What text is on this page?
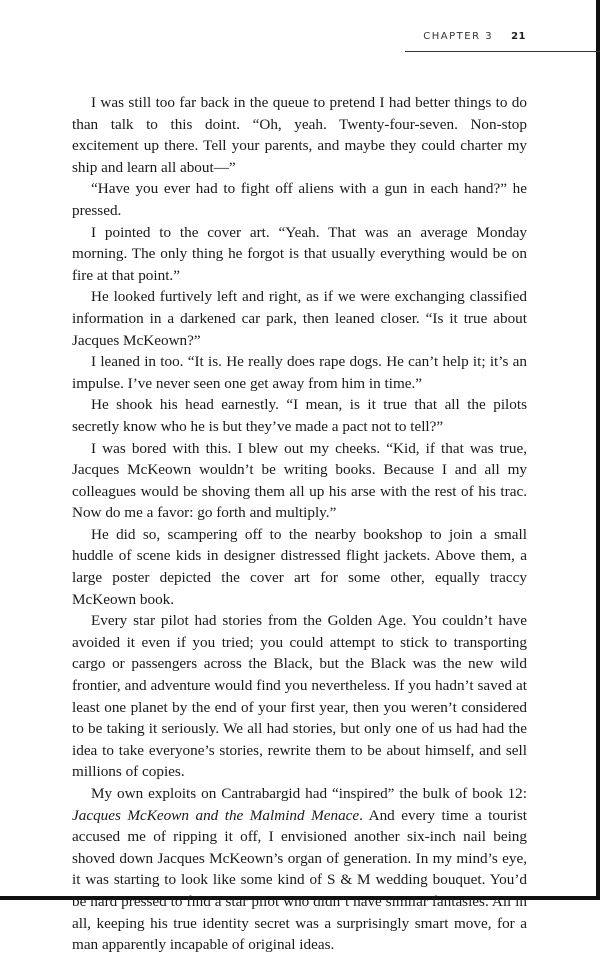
CHAPTER 3 21

I was still too far back in the queue to pretend I had better things to do than talk to this doint. “Oh, yeah. Twenty-four-seven. Non-stop excitement up there. Tell your parents, and maybe they could charter my ship and learn all about—”

“Have you ever had to fight off aliens with a gun in each hand?” he pressed.

I pointed to the cover art. “Yeah. That was an average Monday morning. The only thing he forgot is that usually everything would be on fire at that point.”

He looked furtively left and right, as if we were exchanging classified information in a darkened car park, then leaned closer. “Is it true about Jacques McKeown?”

I leaned in too. “It is. He really does rape dogs. He can’t help it; it’s an impulse. I’ve never seen one get away from him in time.”

He shook his head earnestly. “I mean, is it true that all the pilots secretly know who he is but they’ve made a pact not to tell?”

I was bored with this. I blew out my cheeks. “Kid, if that was true, Jacques McKeown wouldn’t be writing books. Because I and all my colleagues would be shoving them all up his arse with the rest of his trac. Now do me a favor: go forth and multiply.”

He did so, scampering off to the nearby bookshop to join a small huddle of scene kids in designer distressed flight jackets. Above them, a large poster depicted the cover art for some other, equally traccy McKeown book.

Every star pilot had stories from the Golden Age. You couldn’t have avoided it even if you tried; you could attempt to stick to transporting cargo or passengers across the Black, but the Black was the new wild frontier, and adventure would find you nevertheless. If you hadn’t saved at least one planet by the end of your first year, then you weren’t considered to be taking it seriously. We all had stories, but only one of us had had the idea to take everyone’s stories, rewrite them to be about himself, and sell millions of copies.

My own exploits on Cantrabargid had “inspired” the bulk of book 12: Jacques McKeown and the Malmind Menace. And every time a tourist accused me of ripping it off, I envisioned another six-inch nail being shoved down Jacques McKeown’s organ of generation. In my mind’s eye, it was starting to look like some kind of S & M wedding bouquet. You’d be hard pressed to find a star pilot who didn’t have similar fantasies. All in all, keeping his true identity secret was a surprisingly smart move, for a man apparently incapable of original ideas.
